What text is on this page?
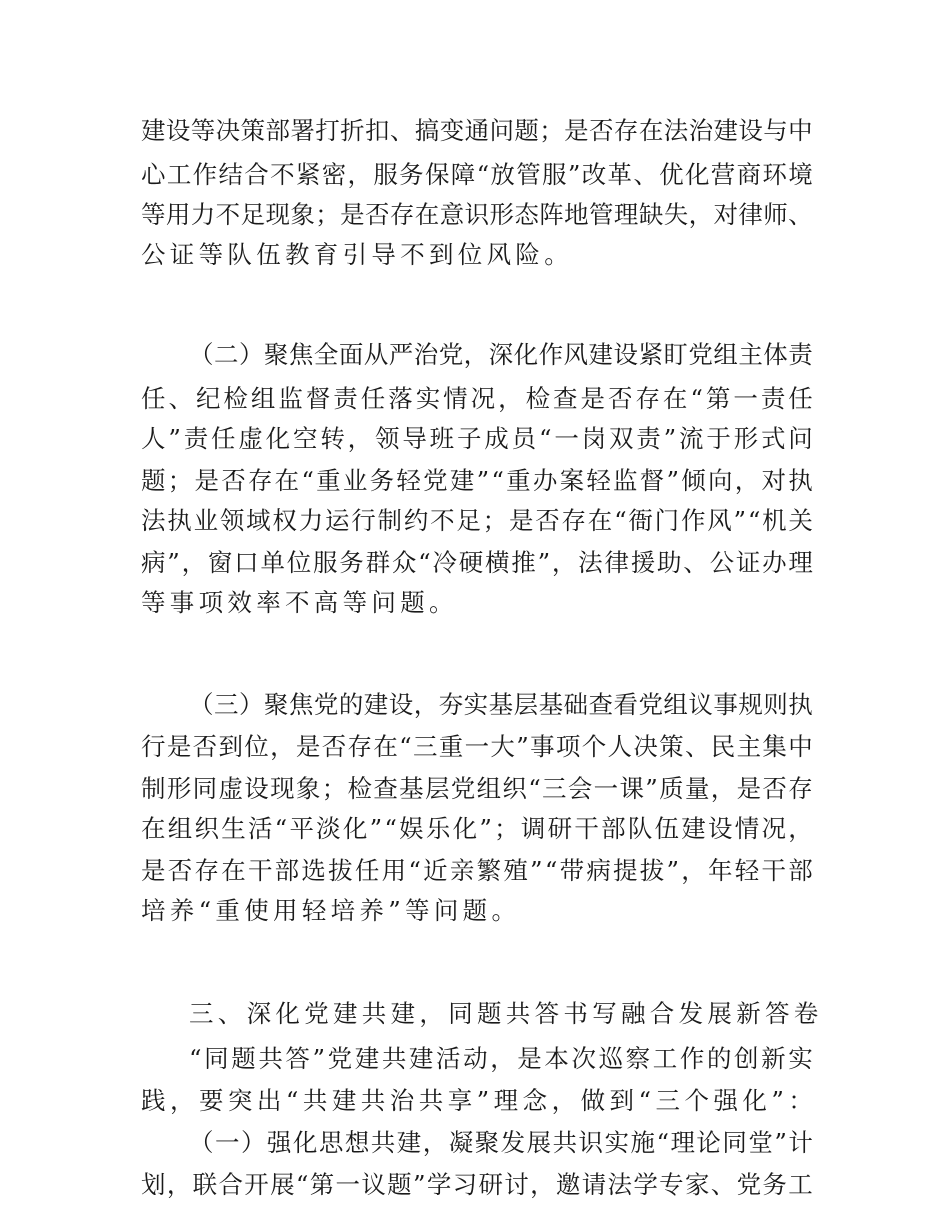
建 设 等 决 策 部 署 打 折 扣 、 搞 变 通 问 题 ； 是 否 存 在 法 治 建 设 与 中
心 工 作 结 合 不 紧 密 ， 服 务 保 障 “ 放 管 服 ” 改 革 、 优 化 营 商 环 境
等 用 力 不 足 现 象 ； 是 否 存 在 意 识 形 态 阵 地 管 理 缺 失 ， 对 律 师 、
公证等队伍教育引导不到位风险。
（ 二 ） 聚 焦 全 面 从 严 治 党 ， 深 化 作 风 建 设 紧 盯 党 组 主 体 责
任 、 纪 检 组 监 督 责 任 落 实 情 况 ， 检 查 是 否 存 在 “ 第 一 责 任
人 ” 责 任 虚 化 空 转 ， 领 导 班 子 成 员 “ 一 岗 双 责 ” 流 于 形 式 问
题 ； 是 否 存 在 “ 重 业 务 轻 党 建 ” “ 重 办 案 轻 监 督 ” 倾 向 ， 对 执
法 执 业 领 域 权 力 运 行 制 约 不 足 ； 是 否 存 在 “ 衙 门 作 风 ” “ 机 关
病 ” ， 窗 口 单 位 服 务 群 众 “ 冷 硬 横 推 ” ， 法 律 援 助 、 公 证 办 理
等事项效率不高等问题。
（ 三 ） 聚 焦 党 的 建 设 ， 夯 实 基 层 基 础 查 看 党 组 议 事 规 则 执
行 是 否 到 位 ， 是 否 存 在 “ 三 重 一 大 ” 事 项 个 人 决 策 、 民 主 集 中
制 形 同 虚 设 现 象 ； 检 查 基 层 党 组 织 “ 三 会 一 课 ” 质 量 ， 是 否 存
在 组 织 生 活 “ 平 淡 化 ” “ 娱 乐 化 ” ； 调 研 干 部 队 伍 建 设 情 况 ，
是 否 存 在 干 部 选 拔 任 用 “ 近 亲 繁 殖 ” “ 带 病 提 拔 ” ， 年 轻 干 部
培养“重使用轻培养”等问题。
三、深化党建共建，同题共答书写融合发展新答卷
“ 同 题 共 答 ” 党 建 共 建 活 动 ， 是 本 次 巡 察 工 作 的 创 新 实
践 ， 要 突 出 “ 共 建 共 治 共 享 ” 理 念 ， 做 到 “ 三 个 强 化 ” ：
（ 一 ） 强 化 思 想 共 建 ， 凝 聚 发 展 共 识 实 施 “ 理 论 同 堂 ” 计
划 ， 联 合 开 展 “ 第 一 议 题 ” 学 习 研 讨 ， 邀 请 法 学 专 家 、 党 务 工
